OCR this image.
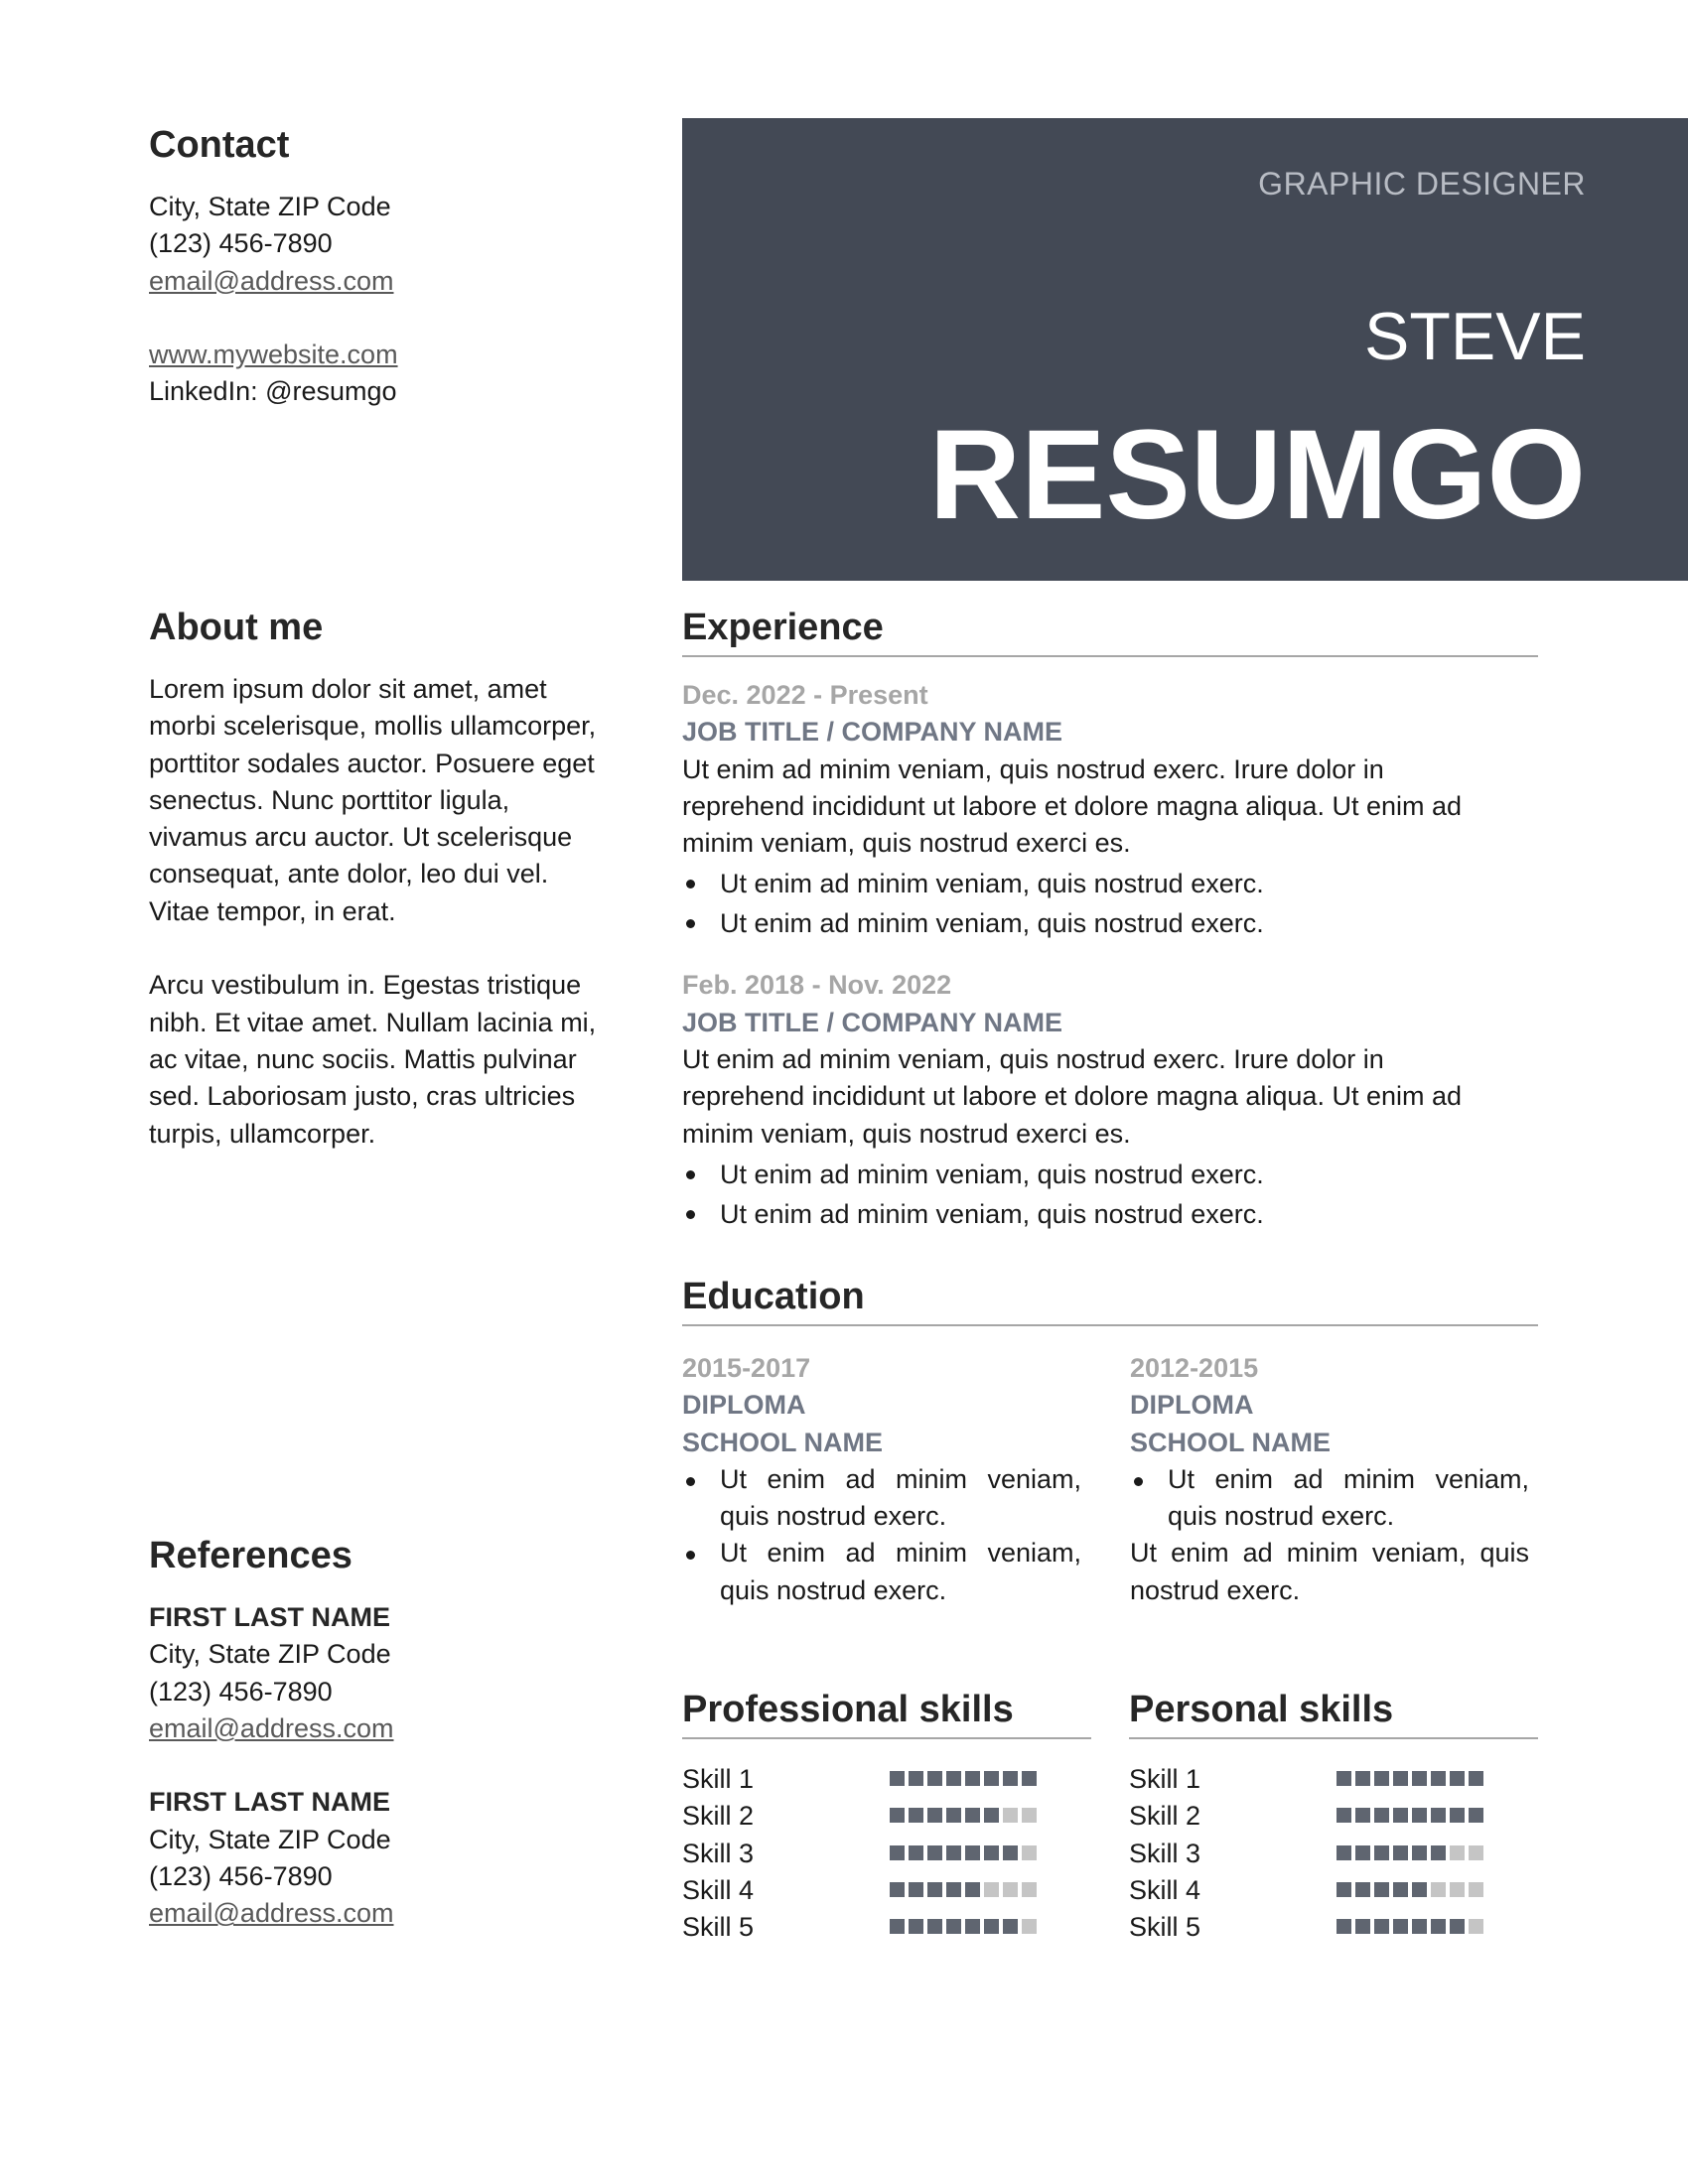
Contact
City, State ZIP Code
(123) 456-7890
email@address.com
www.mywebsite.com
LinkedIn: @resumgo
About me
Lorem ipsum dolor sit amet, amet
morbi scelerisque, mollis ullamcorper,
porttitor sodales auctor. Posuere eget
senectus. Nunc porttitor ligula,
vivamus arcu auctor. Ut scelerisque
consequat, ante dolor, leo dui vel.
Vitae tempor, in erat.
Arcu vestibulum in. Egestas tristique
nibh. Et vitae amet. Nullam lacinia mi,
ac vitae, nunc sociis. Mattis pulvinar
sed. Laboriosam justo, cras ultricies
turpis, ullamcorper.
References
FIRST LAST NAME
City, State ZIP Code
(123) 456-7890
email@address.com
FIRST LAST NAME
City, State ZIP Code
(123) 456-7890
email@address.com
GRAPHIC DESIGNER
STEVE
RESUMGO
Experience
Dec. 2022 - Present
JOB TITLE / COMPANY NAME
Ut enim ad minim veniam, quis nostrud exerc. Irure dolor in
reprehend incididunt ut labore et dolore magna aliqua. Ut enim ad
minim veniam, quis nostrud exerci es.
Ut enim ad minim veniam, quis nostrud exerc.
Ut enim ad minim veniam, quis nostrud exerc.
Feb. 2018 - Nov. 2022
JOB TITLE / COMPANY NAME
Ut enim ad minim veniam, quis nostrud exerc. Irure dolor in
reprehend incididunt ut labore et dolore magna aliqua. Ut enim ad
minim veniam, quis nostrud exerci es.
Ut enim ad minim veniam, quis nostrud exerc.
Ut enim ad minim veniam, quis nostrud exerc.
Education
2015-2017
DIPLOMA
SCHOOL NAME
Ut enim ad minim veniam, quis nostrud exerc.
Ut enim ad minim veniam, quis nostrud exerc.
2012-2015
DIPLOMA
SCHOOL NAME
Ut enim ad minim veniam, quis nostrud exerc.
Ut enim ad minim veniam, quis nostrud exerc.
Professional skills
Skill 1
Skill 2
Skill 3
Skill 4
Skill 5
Personal skills
Skill 1
Skill 2
Skill 3
Skill 4
Skill 5
